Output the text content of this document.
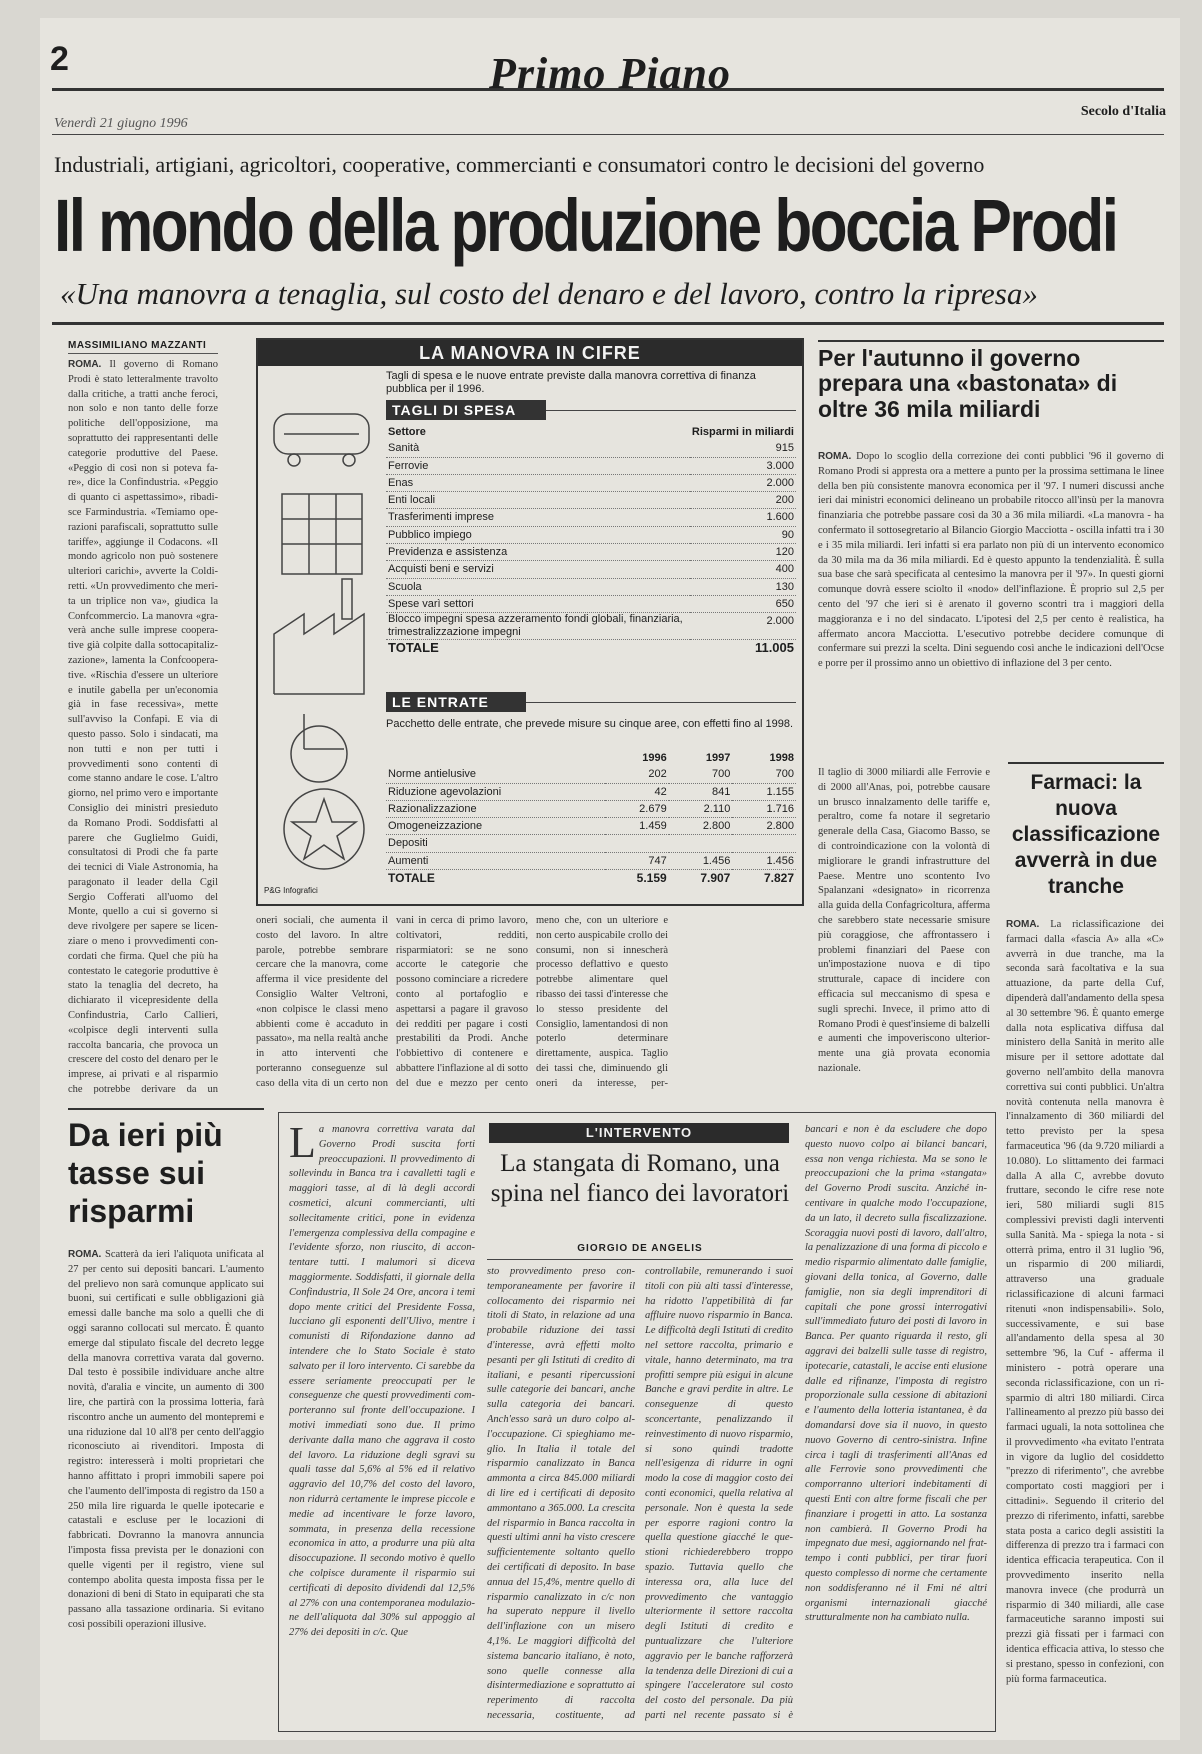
2	Primo Piano
Venerdì 21 giugno 1996
Secolo d'Italia
Industriali, artigiani, agricoltori, cooperative, commercianti e consumatori contro le decisioni del governo
Il mondo della produzione boccia Prodi
«Una manovra a tenaglia, sul costo del denaro e del lavoro, contro la ripresa»
MASSIMILIANO MAZZANTI

ROMA. Il governo di Romano Prodi è stato letteralmente travolto dalla critiche, a tratti anche feroci, non solo e non tanto delle forze politiche dell'opposizione, ma soprattutto dei rappresentanti delle categorie produttive del Paese. «Peggio di così non si poteva fare», dice la Confindustria. «Peggio di quanto ci aspettassimo», ribadisce Farmindustria. «Temiamo operazioni parafiscali, soprattutto sulle tariffe», aggiunge il Codacons. «Il mondo agricolo non può sostenere ulteriori carichi», avverte la Coldiretti. «Un provvedimento che merita un triplice non va», giudica la Confcommercio. La manovra «graverà anche sulle imprese cooperative già colpite dalla sottocapitalizzazione», lamenta la Confcooperative. «Rischia d'essere un ulteriore e inutile gabella per un'economia già in fase recessiva», mette sull'avviso la Confapi. E via di questo passo. Solo i sindacati, ma non tutti e non per tutti i provvedimenti sono contenti di come stanno andare le cose. L'altro giorno, nel primo vero e importante Consiglio dei ministri presieduto da Romano Prodi. Soddisfatti al parere che Guglielmo Guidi, consultatosi di Prodi che fa parte dei tecnici di Viale Astronomia, ha paragonato il leader della Cgil Sergio Cofferati all'uomo del Monte, quello a cui si governo si deve rivolgere per sapere se licenziare o meno i provvedimenti concordati che firma. Quel che più ha contestato le categorie produttive è stato la tenaglia del decreto, ha dichiarato il vicepresidente della Confindustria, Carlo Callieri, «colpisce degli interventi sulla raccolta bancaria, che provoca un crescere del costo del denaro per le imprese, ai privati e al risparmio che potrebbe derivare da un

LA MANOVRA IN CIFRE
Tagli di spesa e le nuove entrate previste dalla manovra correttiva di finanza pubblica per il 1996.
TAGLI DI SPESA
Settore	Risparmi in miliardi
Sanità	915
Ferrovie	3.000
Enas	2.000
Enti locali	200
Trasferimenti imprese	1.600
Pubblico impiego	90
Previdenza e assistenza	120
Acquisti beni e servizi	400
Scuola	130
Spese varì settori	650
Blocco impegni spesa azzeramento fondi globali, finanziaria, trimestralizzazione impegni	2.000
TOTALE	11.005
LE ENTRATE
Pacchetto delle entrate, che prevede misure su cinque aree, con effetti fino al 1998.
	1996	1997	1998
Norme antielusive	202	700	700
Riduzione agevolazioni	42	841	1.155
Razionalizzazione	2.679	2.110	1.716
Omogeneizzazione	1.459	2.800	2.800
Depositi			
Aumenti	747	1.456	1.456
TOTALE	5.159	7.907	7.827
P&G Infografici

oneri sociali, che aumenta il costo del lavoro. In altre parole, potrebbe sembrare cercare che la manovra, come afferma il vice presidente del Consiglio Walter Veltroni, «non colpisce le classi meno abbienti come è accaduto in passato», ma nella realtà anche in atto interventi che porteranno conseguenze sul caso della vita di un certo non

vani in cerca di primo lavoro, coltivatori, redditi, risparmiatori: se ne sono accorte le categorie che possono cominciare a ricredere conto al portafoglio e aspettarsi a pagare il gravoso dei redditi per pagare i costi prestabiliti da Prodi. Anche l'obbiettivo di contenere e abbattere l'inflazione al di sotto del due e mezzo per cento

meno che, con un ulteriore e non certo auspicabile crollo dei consumi, non si innescherà processo deflattivo e questo potrebbe alimentare quel ribasso dei tassi d'interesse che lo stesso presidente del Consiglio, lamentandosi di non poterlo determinare direttamente, auspica. Taglio dei tassi che, diminuendo gli oneri da interesse, per

Per l'autunno il governo prepara una «bastonata» di oltre 36 mila miliardi

ROMA. Dopo lo scoglio della correzione dei conti pubblici '96 il governo di Romano Prodi si appresta ora a mettere a punto per la prossima settimana le linee della ben più consistente manovra economica per il '97. I numeri discussi anche ieri dai ministri economici delineano un probabile ritocco all'insù per la manovra finanziaria che potrebbe passare così da 30 a 36 mila miliardi. «La manovra - ha confermato il sottosegretario al Bilancio Giorgio Macciotta - oscilla infatti tra i 30 e i 35 mila miliardi. Ieri infatti si era parlato non più di un intervento economico da 30 mila ma da 36 mila miliardi. Ed è questo appunto la tendenzialità. È sulla sua base che sarà specificata al centesimo la manovra per il '97». In questi giorni comunque dovrà essere sciolto il «nodo» dell'inflazione. È proprio sul 2,5 per cento del '97 che ieri si è arenato il governo scontri tra i maggiori della maggioranza e i no del sindacato. L'ipotesi del 2,5 per cento è realistica, ha affermato ancora Macciotta. L'esecutivo potrebbe decidere comunque di confermare sui prezzi la scelta. Dini seguendo così anche le indicazioni dell'Ocse e porre per il prossimo anno un obiettivo di inflazione del 3 per cento.

Il taglio di 3000 miliardi alle Ferrovie e di 2000 all'Anas, poi, potrebbe causare un brusco innalzamento delle tariffe e, peraltro, come fa notare il segretario generale della Casa, Giacomo Basso, se di controindicazione con la volontà di migliorare le grandi infrastrutture del Paese. Mentre uno scontento Ivo Spalanzani «designato» in ricorrenza alla guida della Confagricoltura, afferma che sarebbero state necessarie smisure più coraggiose, che affrontassero i problemi finanziari del Paese con un'impostazione nuova e di tipo strutturale, capace di incidere con efficacia sul meccanismo di spesa e sugli sprechi. Invece, il primo atto di Romano Prodi è quest'insieme di balzelli e aumenti che impoveriscono ulteriormente una già provata economia nazionale.

Farmaci: la nuova classificazione avverrà in due tranche

ROMA. La riclassificazione dei farmaci dalla «fascia A» alla «C» avverrà in due tranche, ma la seconda sarà facoltativa e la sua attuazione, da parte della Cuf, dipenderà dall'andamento della spesa al 30 settembre '96. È quanto emerge dalla nota esplicativa diffusa dal ministero della Sanità in merito alle misure per il settore adottate dal governo nell'ambito della manovra correttiva sui conti pubblici. Un'altra novità contenuta nella manovra è l'innalzamento di 360 miliardi del tetto previsto per la spesa farmaceutica '96 (da 9.720 miliardi a 10.080). Lo slittamento dei farmaci dalla A alla C, avrebbe dovuto fruttare, secondo le cifre rese note ieri, 580 miliardi sugli 815 complessivi previsti dagli interventi sulla Sanità. Ma - spiega la nota - si otterrà prima, entro il 31 luglio '96, un risparmio di 200 miliardi, attraverso una graduale riclassificazione di alcuni farmaci ritenuti «non indispensabili». Solo, successivamente, e sui base all'andamento della spesa al 30 settembre '96, la Cuf - afferma il ministero - potrà operare una seconda riclassificazione, con un risparmio di altri 180 miliardi. Circa l'allineamento al prezzo più basso dei farmaci uguali, la nota sottolinea che il provvedimento «ha evitato l'entrata in vigore da luglio del cosiddetto "prezzo di riferimento", che avrebbe comportato costi maggiori per i cittadini». Seguendo il criterio del prezzo di riferimento, infatti, sarebbe stata posta a carico degli assistiti la differenza di prezzo tra i farmaci con identica efficacia terapeutica. Con il provvedimento inserito nella manovra invece (che produrrà un risparmio di 340 miliardi, alle case farmaceutiche saranno imposti sui prezzi già fissati per i farmaci con identica efficacia attiva, lo stesso che si prestano, spesso in confezioni, con più forma farmaceutica.

Da ieri più tasse sui risparmi

ROMA. Scatterà da ieri l'aliquota unificata al 27 per cento sui depositi bancari. L'aumento del prelievo non sarà comunque applicato sui buoni, sui certificati e sulle obbligazioni già emessi dalle banche ma solo a quelli che di oggi saranno collocati sul mercato. È quanto emerge dal stipulato fiscale del decreto legge della manovra correttiva varata dal governo. Dal testo è possibile individuare anche altre novità, d'aralia e vincite, un aumento di 300 lire, che partirà con la prossima lotteria, farà riscontro anche un aumento del montepremi e una riduzione dal 10 all'8 per cento dell'aggio riconosciuto ai rivenditori. Imposta di registro: interesserà i molti proprietari che hanno affittato i propri immobili sapere poi che l'aumento dell'imposta di registro da 150 a 250 mila lire riguarda le quelle ipotecarie e catastali e escluse per le locazioni di fabbricati. Dovranno la manovra annuncia l'imposta fissa prevista per le donazioni con quelle vigenti per il registro, viene sul contempo abolita questa imposta fissa per le donazioni di beni di Stato in equiparati che sta passano alla tassazione ordinaria. Si evitano così possibili operazioni illusive.

La manovra correttiva varata dal Governo Prodi suscita forti preoccupazioni. Il provvedimento di sollevindu in Banca tra i cavalletti tagli e maggiori tasse, al di là degli accordi cosmetici, alcuni commercianti, ulti sollecitamente critici, pone in evidenza l'emergenza complessiva della compagine e l'evidente sforzo, non riuscito, di accontentare tutti. I malumori si diceva maggiormente. Soddisfatti, il giornale della Confindustria, Il Sole 24 Ore, ancora i temi dopo mente critici del Presidente Fossa, lucciano gli esponenti dell'Ulivo, mentre i comunisti di Rifondazione danno ad intendere che lo Stato Sociale è stato salvato per il loro intervento. Ci sarebbe da essere seriamente preoccupati per le conseguenze che questi provvedimenti comporteranno sul fronte dell'occupazione. I motivi immediati sono due. Il primo derivante dalla mano che aggrava il costo del lavoro. La riduzione degli sgravi su quali tasse dal 5,6% al 5% ed il relativo aggravio del 10,7% del costo del lavoro, non ridurrà certamente le imprese piccole e medie ad incentivare le forze lavoro, sommata, in presenza della recessione economica in atto, a produrre una più alta disoccupazione. Il secondo motivo è quello che colpisce duramente il risparmio sui certificati di deposito dividendi dal 12,5% al 27% con una contemporanea modulazione dell'aliquota dal 30% sul appoggio al 27% dei depositi in c/c. Que
L'INTERVENTO
La stangata di Romano, una spina nel fianco dei lavoratori
GIORGIO DE ANGELIS

sto provvedimento preso contemporaneamente per favorire il collocamento dei risparmio nei titoli di Stato, in relazione ad una probabile riduzione dei tassi d'interesse, avrà effetti molto pesanti per gli Istituti di credito di italiani, e pesanti ripercussioni sulle categorie dei bancari, anche sulla categoria dei bancari. Anch'esso sarà un duro colpo all'occupazione. Ci spieghiamo meglio. In Italia il totale del risparmio canalizzato in Banca ammonta a circa 845.000 miliardi di lire ed i certificati di deposito ammontano a 365.000. La crescita del risparmio in Banca raccolta in questi ultimi anni ha visto crescere sufficientemente soltanto quello dei certificati di deposito. In base annua del 15,4%, mentre quello di risparmio canalizzato in c/c non ha superato neppure il livello dell'inflazione con un misero 4,1%. Le maggiori difficoltà del sistema bancario italiano, è noto, sono quelle connesse alla disintermediazione e soprattutto ai reperimento di raccolta necessaria, costituente, ad

controllabile, remunerando i suoi titoli con più alti tassi d'interesse, ha ridotto l'appetibilità di far affluire nuovo risparmio in Banca. Le difficoltà degli Istituti di credito nel settore raccolta, primario e vitale, hanno determinato, ma tra profitti sempre più esigui in alcune Banche e gravi perdite in altre. Le conseguenze di questo sconcertante, penalizzando il reinvestimento di nuovo risparmio, si sono quindi tradotte nell'esigenza di ridurre in ogni modo la cose di maggior costo dei conti economici, quella relativa al personale. Non è questa la sede per esporre ragioni contro la quella questione giacché le questioni richiederebbero troppo spazio. Tuttavia quello che interessa ora, alla luce del provvedimento che vantaggio ulteriormente il settore raccolta degli Istituti di credito e puntualizzare che l'ulteriore aggravio per le banche rafforzerà la tendenza delle Direzioni di cui a spingere l'acceleratore sul costo del costo del personale. Da più parti nel recente passato si è

bancari e non è da escludere che dopo questo nuovo colpo ai bilanci bancari, essa non venga richiesta. Ma se sono le preoccupazioni che la prima «stangata» del Governo Prodi suscita. Anziché incentivare in qualche modo l'occupazione, da un lato, il decreto sulla fiscalizzazione. Scoraggia nuovi posti di lavoro, dall'altro, la penalizzazione di una forma di piccolo e medio risparmio alimentato dalle famiglie, giovani della tonica, al Governo, dalle famiglie, non sia degli imprenditori di capitali che pone grossi interrogativi sull'immediato futuro dei posti di lavoro in Banca. Per quanto riguarda il resto, gli aggravi dei balzelli sulle tasse di registro, ipotecarie, catastali, le accise enti elusione dalle ed rifinanze, l'imposta di registro proporzionale sulla cessione di abitazioni e l'aumento della lotteria istantanea, è da domandarsi dove sia il nuovo, in questo nuovo Governo di centro-sinistra. Infine circa i tagli di trasferimenti all'Anas ed alle Ferrovie sono provvedimenti che comporranno ulteriori indebitamenti di questi Enti con altre forme fiscali che per finanziare i progetti in atto. La sostanza non cambierà. Il Governo Prodi ha impegnato due mesi, aggiornando nel frattempo i conti pubblici, per tirar fuori questo complesso di norme che certamente non soddisferanno né il Fmi né altri organismi internazionali giacché strutturalmente non ha cambiato nulla.
